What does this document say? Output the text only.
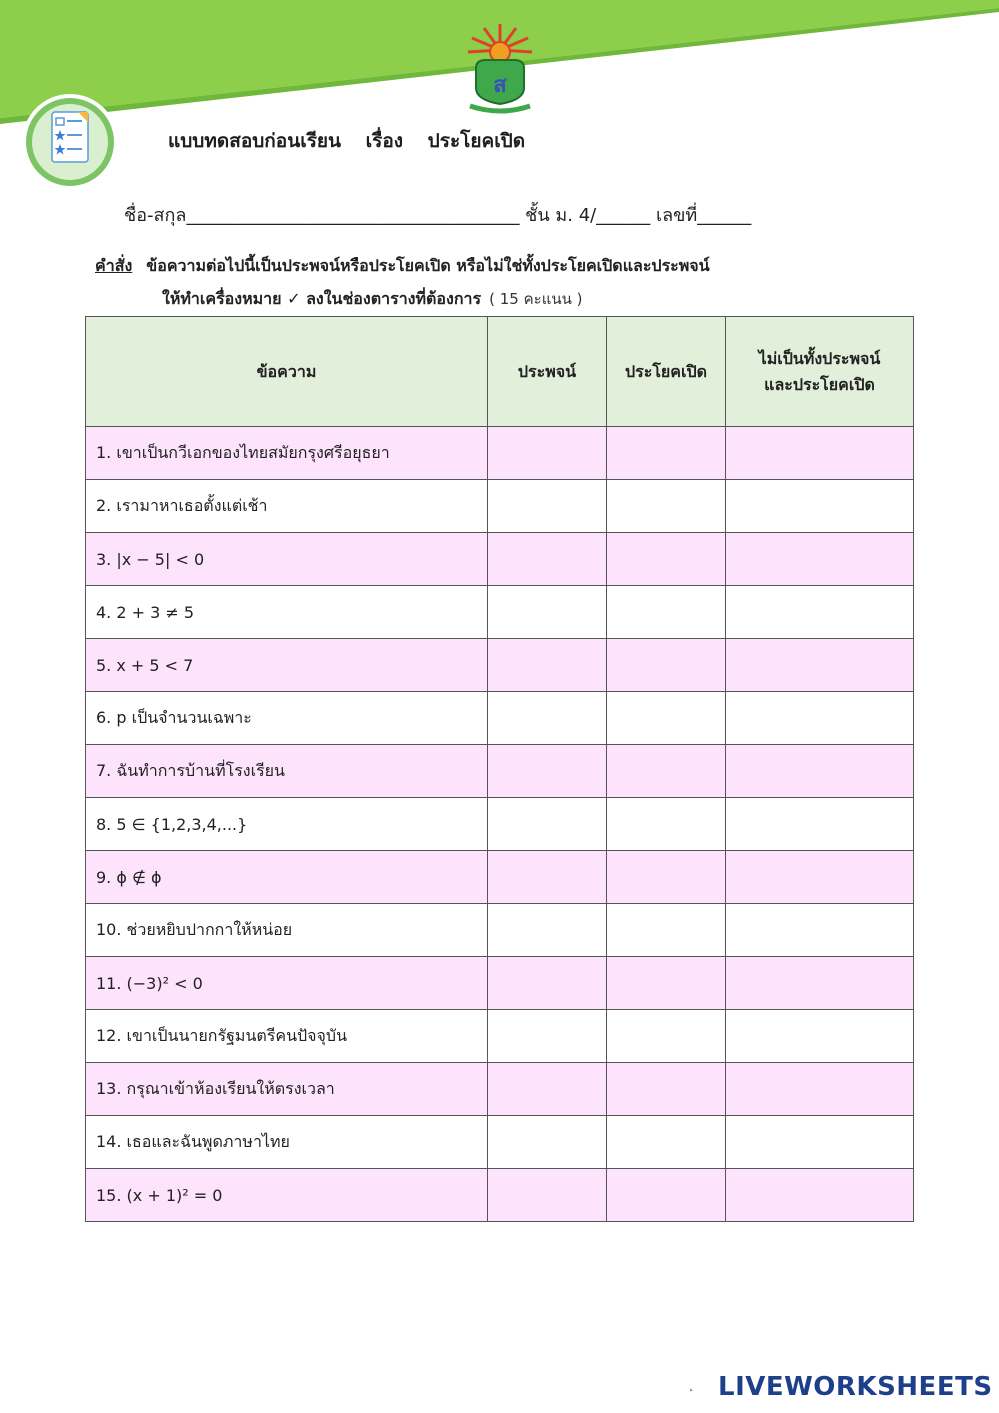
ส
แบบทดสอบก่อนเรียน เรื่อง ประโยคเปิด
ชื่อ-สกุล_____________________________________ ชั้น ม. 4/______ เลขที่______
คำสั่ง ข้อความต่อไปนี้เป็นประพจน์หรือประโยคเปิด หรือไม่ใช่ทั้งประโยคเปิดและประพจน์
ให้ทำเครื่องหมาย ✓ ลงในช่องตารางที่ต้องการ ( 15 คะแนน )
ข้อความ	ประพจน์	ประโยคเปิด	ไม่เป็นทั้งประพจน์
และประโยคเปิด

1. เขาเป็นกวีเอกของไทยสมัยกรุงศรีอยุธยา			
2. เรามาหาเธอตั้งแต่เช้า			
3. |x − 5| < 0			
4. 2 + 3 ≠ 5			
5. x + 5 < 7			
6. p เป็นจำนวนเฉพาะ			
7. ฉันทำการบ้านที่โรงเรียน			
8. 5 ∈ {1,2,3,4,...}			
9. ϕ ∉ ϕ			
10. ช่วยหยิบปากกาให้หน่อย			
11. (−3)² < 0			
12. เขาเป็นนายกรัฐมนตรีคนปัจจุบัน			
13. กรุณาเข้าห้องเรียนให้ตรงเวลา			
14. เธอและฉันพูดภาษาไทย			
15. (x + 1)² = 0			
LIVEWORKSHEETS
